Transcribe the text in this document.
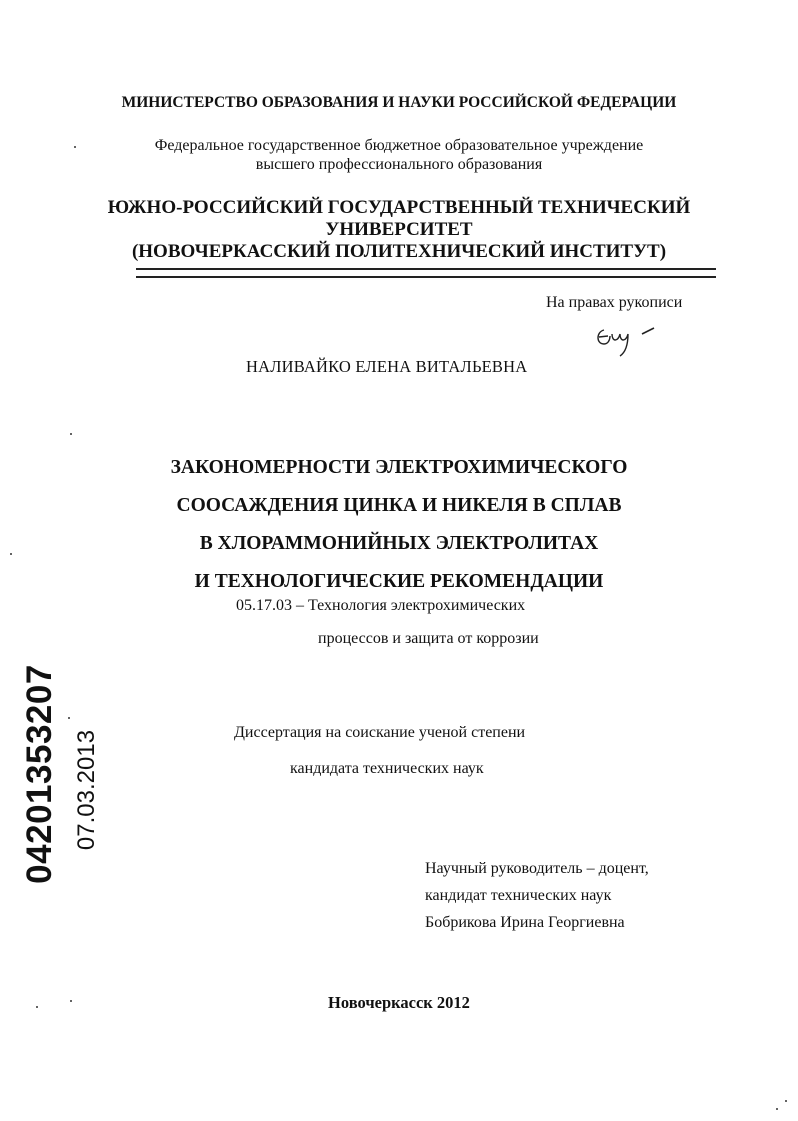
МИНИСТЕРСТВО ОБРАЗОВАНИЯ И НАУКИ РОССИЙСКОЙ ФЕДЕРАЦИИ
Федеральное государственное бюджетное образовательное учреждение
высшего профессионального образования
ЮЖНО-РОССИЙСКИЙ ГОСУДАРСТВЕННЫЙ ТЕХНИЧЕСКИЙ
УНИВЕРСИТЕТ
(НОВОЧЕРКАССКИЙ ПОЛИТЕХНИЧЕСКИЙ ИНСТИТУТ)
На правах рукописи
НАЛИВАЙКО ЕЛЕНА ВИТАЛЬЕВНА
ЗАКОНОМЕРНОСТИ ЭЛЕКТРОХИМИЧЕСКОГО
СООСАЖДЕНИЯ ЦИНКА И НИКЕЛЯ В СПЛАВ
В ХЛОРАММОНИЙНЫХ ЭЛЕКТРОЛИТАХ
И ТЕХНОЛОГИЧЕСКИЕ РЕКОМЕНДАЦИИ
05.17.03 – Технология электрохимических
процессов и защита от коррозии
Диссертация на соискание ученой степени
кандидата технических наук
Научный руководитель – доцент,
кандидат технических наук
Бобрикова Ирина Георгиевна
Новочеркасск 2012
04201353207 07.03.2013
